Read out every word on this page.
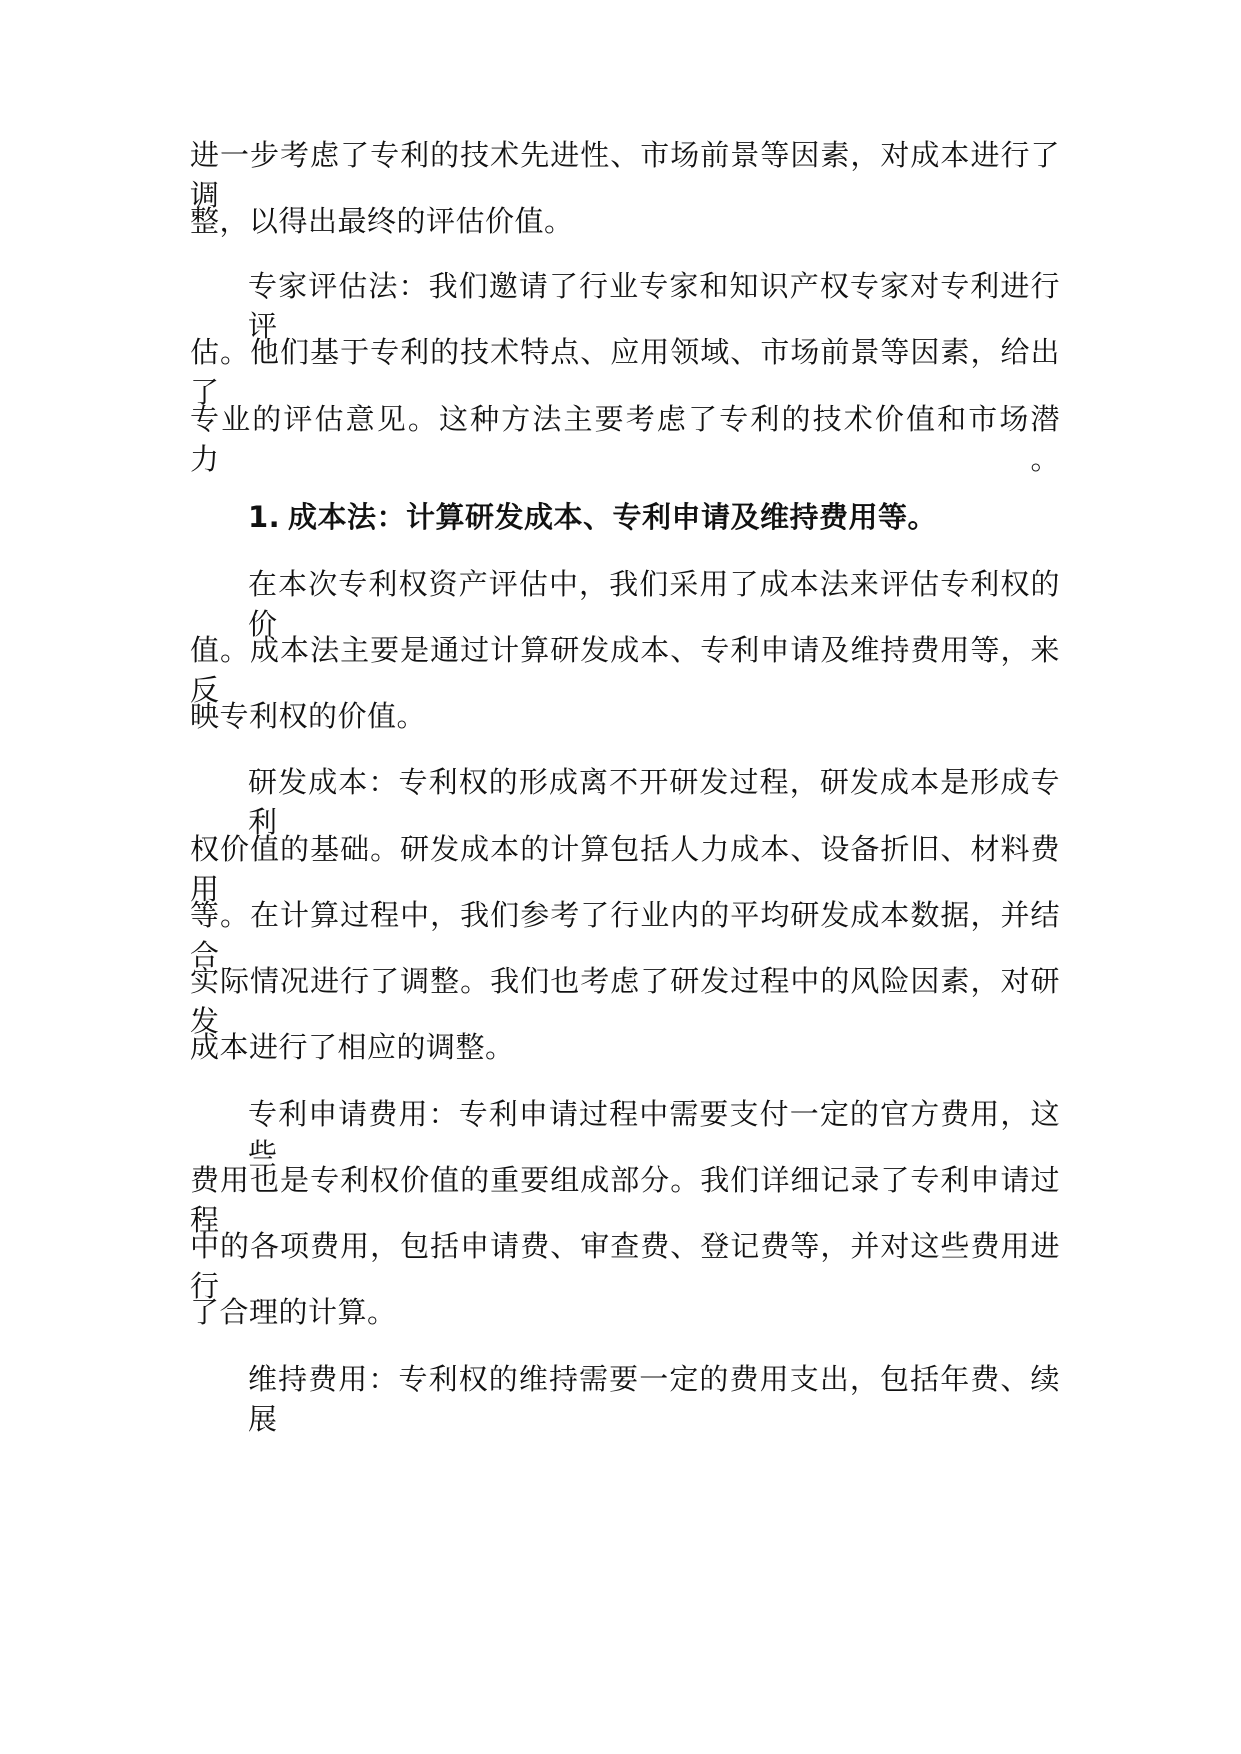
进一步考虑了专利的技术先进性、市场前景等因素，对成本进行了调
整，以得出最终的评估价值。
专家评估法：我们邀请了行业专家和知识产权专家对专利进行评
估。他们基于专利的技术特点、应用领域、市场前景等因素，给出了
专业的评估意见。这种方法主要考虑了专利的技术价值和市场潜力。
1. 成本法：计算研发成本、专利申请及维持费用等。
在本次专利权资产评估中，我们采用了成本法来评估专利权的价
值。成本法主要是通过计算研发成本、专利申请及维持费用等，来反
映专利权的价值。
研发成本：专利权的形成离不开研发过程，研发成本是形成专利
权价值的基础。研发成本的计算包括人力成本、设备折旧、材料费用
等。在计算过程中，我们参考了行业内的平均研发成本数据，并结合
实际情况进行了调整。我们也考虑了研发过程中的风险因素，对研发
成本进行了相应的调整。
专利申请费用：专利申请过程中需要支付一定的官方费用，这些
费用也是专利权价值的重要组成部分。我们详细记录了专利申请过程
中的各项费用，包括申请费、审查费、登记费等，并对这些费用进行
了合理的计算。
维持费用：专利权的维持需要一定的费用支出，包括年费、续展
